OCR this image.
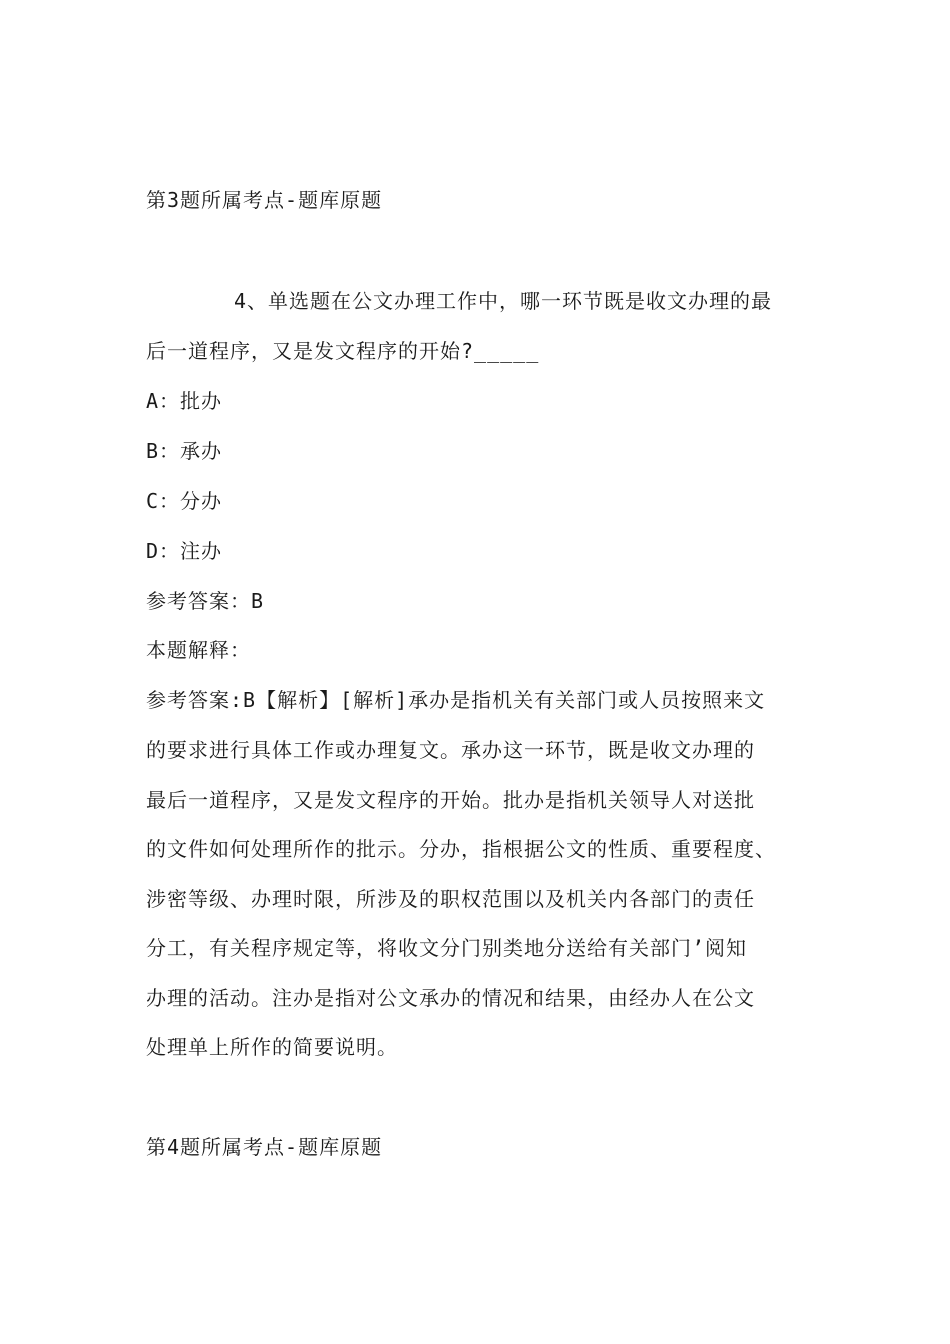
第3题所属考点-题库原题
4、单选题在公文办理工作中，哪一环节既是收文办理的最
后一道程序，又是发文程序的开始?_____
A：批办
B：承办
C：分办
D：注办
参考答案：B
本题解释：
参考答案:B【解析】[解析]承办是指机关有关部门或人员按照来文
的要求进行具体工作或办理复文。承办这一环节，既是收文办理的
最后一道程序，又是发文程序的开始。批办是指机关领导人对送批
的文件如何处理所作的批示。分办，指根据公文的性质、重要程度、
涉密等级、办理时限，所涉及的职权范围以及机关内各部门的责任
分工，有关程序规定等，将收文分门别类地分送给有关部门’阅知
办理的活动。注办是指对公文承办的情况和结果，由经办人在公文
处理单上所作的简要说明。
第4题所属考点-题库原题
